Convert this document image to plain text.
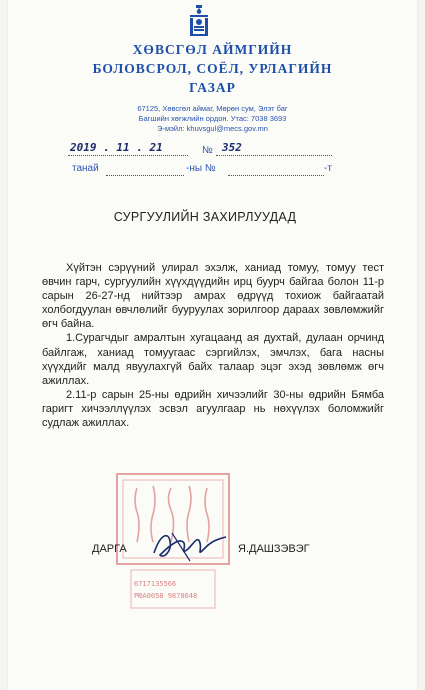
ХӨВСГӨЛ АЙМГИЙН
БОЛОВСРОЛ, СОЁЛ, УРЛАГИЙН
ГАЗАР
67125, Хөвсгөл аймаг, Мөрөн сум, Элэт баг
Багшийн хөгжлийн ордон. Утас: 7038 3693
Э-мэйл: khuvsgul@mecs.gov.mn
2019 . 11 . 21	№ 352
танай	-ны №	-т
СУРГУУЛИЙН ЗАХИРЛУУДАД

Хүйтэн сэрүүний улирал эхэлж, ханиад томуу, томуу тест өвчин гарч, сургуулийн хүүхдүүдийн ирц буурч байгаа болон 11-р сарын 26-27-нд нийтээр амрах өдрүүд тохиож байгаатай холбогдуулан өвчлөлийг бууруулах зорилгоор дараах зөвлөмжийг өгч байна.

1.Сурагчдыг амралтын хугацаанд ая духтай, дулаан орчинд байлгаж, ханиад томуугаас сэргийлэх, эмчлэх, бага насны хүүхдийг малд явуулахгүй байх талаар эцэг эхэд зөвлөмж өгч ажиллах.

2.11-р сарын 25-ны өдрийн хичээлийг 30-ны өдрийн Бямба гаригт хичээллүүлэх эсвэл агуулгаар нь нөхүүлэх боломжийг судлаж ажиллах.

6717135566
РЮА0058 9878648
ДАРГА	Я.ДАШЗЭВЭГ
